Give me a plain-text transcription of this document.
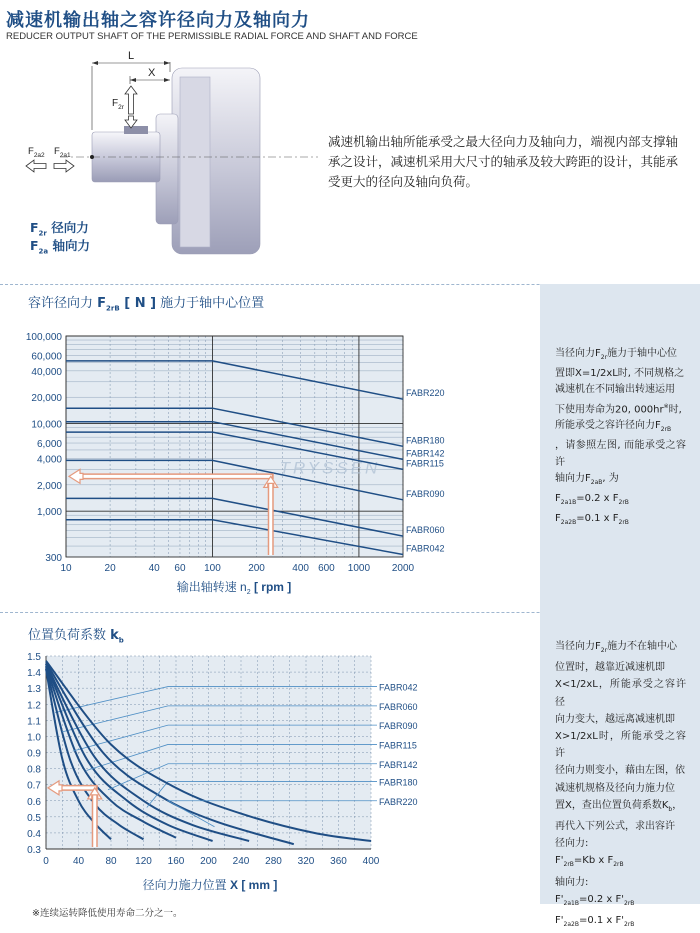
减速机输出轴之容许径向力及轴向力
REDUCER OUTPUT SHAFT OF THE PERMISSIBLE RADIAL FORCE AND SHAFT AND FORCE
L
X
$F_{2r}$
$F_{2a2}$ $F_{2a1}$
$F_{2r}$ 径向力
$F_{2a}$ 轴向力
减速机输出轴所能承受之最大径向力及轴向力，端视内部支撑轴承之设计，减速机采用大尺寸的轴承及较大跨距的设计，其能承受更大的径向及轴向负荷。
当径向力$F_{2r}$施力于轴中心位
置即X=1/2xL时, 不同规格之
减速机在不同输出转速运用
下使用寿命为20, 000hr※时,
所能承受之容许径向力$F_{2rB}$
，请参照左图, 而能承受之容许
轴向力$F_{2aB}$, 为
$F_{2a1B}=0.2$ x $F_{2rB}$
$F_{2a2B}=0.1$ x $F_{2rB}$
当径向力$F_{2r}$施力不在轴中心
位置时，越靠近减速机即
X<1/2xL，所能承受之容许径
向力变大，越远离减速机即
X>1/2xL时，所能承受之容许
径向力则变小，藉由左图，依
减速机规格及径向力施力位
置X，查出位置负荷系数$K_b$，
再代入下列公式，求出容许
径向力:
$F'_{2rB}=Kb$ x $F_{2rB}$
轴向力:
$F'_{2a1B}=0.2$ x $F'_{2rB}$
$F'_{2a2B}=0.1$ x $F'_{2rB}$
容许径向力 $F_{2rB}$ [ N ] 施力于轴中心位置
位置负荷系数 $k_b$
10	20	40 60 100	200	400 600 1000 2000
300
1,000
2,000
4,000
6,000
10,000
20,000
40,000
60,000
100,000
输出轴转速 $n_2$ [ rpm ]
TRYSSEN
FABR220
FABR180
FABR142
FABR115
FABR090
FABR060
FABR042
0 40 80 120 160 200 240 280 320 360 400
0.3
0.4
0.5
0.6
0.7
0.8
0.9
1.0
1.1
1.2
1.3
1.4
1.5
径向力施力位置 X [ mm ]
FABR042
FABR060
FABR090
FABR115
FABR142
FABR180
FABR220
※连续运转降低使用寿命二分之一。
